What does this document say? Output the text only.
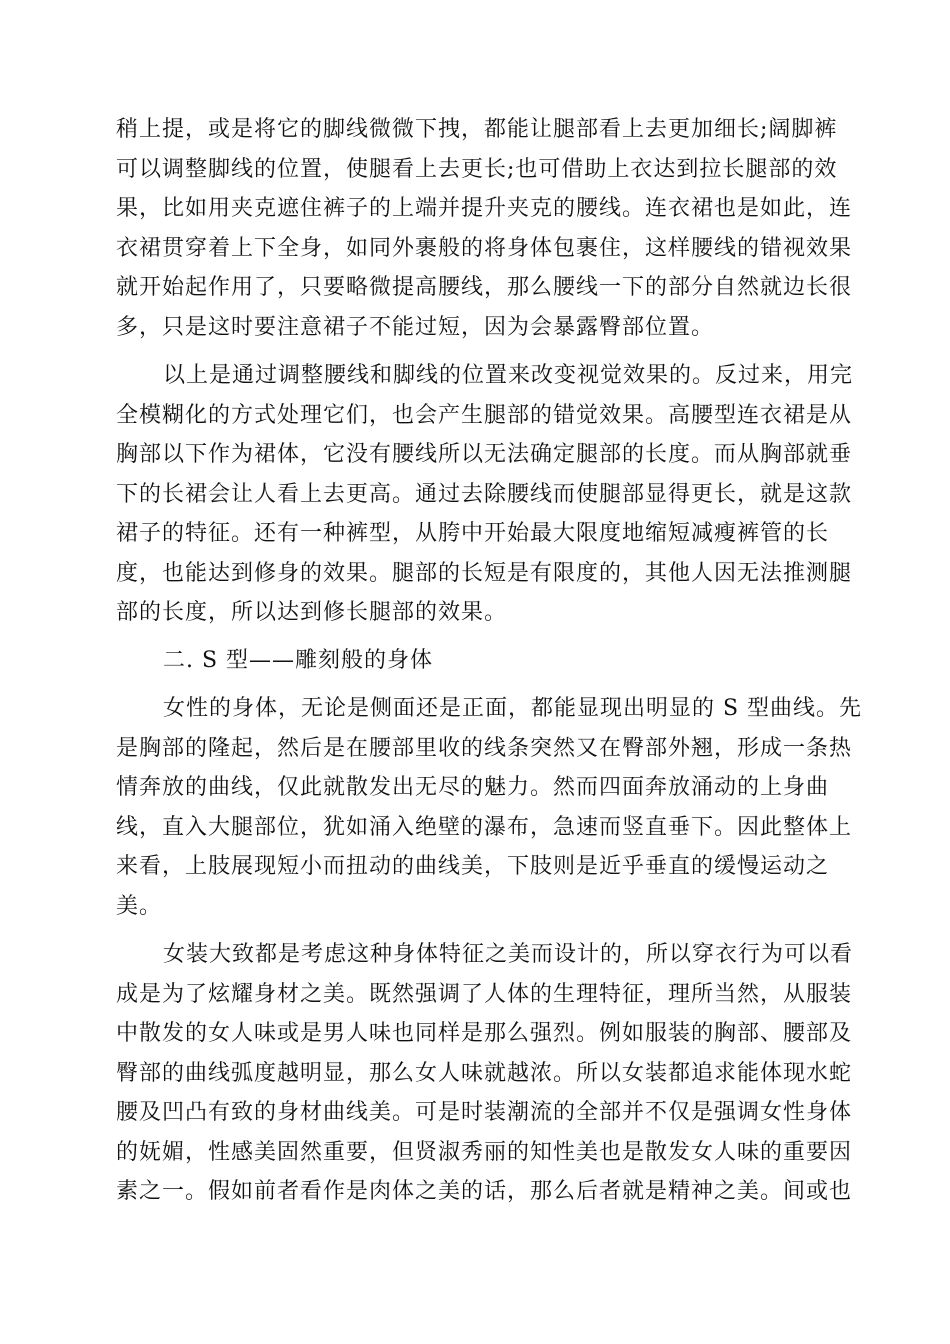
稍上提，或是将它的脚线微微下拽，都能让腿部看上去更加细长;阔脚裤
可以调整脚线的位置，使腿看上去更长;也可借助上衣达到拉长腿部的效
果，比如用夹克遮住裤子的上端并提升夹克的腰线。连衣裙也是如此，连
衣裙贯穿着上下全身，如同外裹般的将身体包裹住，这样腰线的错视效果
就开始起作用了，只要略微提高腰线，那么腰线一下的部分自然就边长很
多，只是这时要注意裙子不能过短，因为会暴露臀部位置。
以上是通过调整腰线和脚线的位置来改变视觉效果的。反过来，用完
全模糊化的方式处理它们，也会产生腿部的错觉效果。高腰型连衣裙是从
胸部以下作为裙体，它没有腰线所以无法确定腿部的长度。而从胸部就垂
下的长裙会让人看上去更高。通过去除腰线而使腿部显得更长，就是这款
裙子的特征。还有一种裤型，从胯中开始最大限度地缩短减瘦裤管的长
度，也能达到修身的效果。腿部的长短是有限度的，其他人因无法推测腿
部的长度，所以达到修长腿部的效果。
二. S 型——雕刻般的身体
女性的身体，无论是侧面还是正面，都能显现出明显的 S 型曲线。先
是胸部的隆起，然后是在腰部里收的线条突然又在臀部外翘，形成一条热
情奔放的曲线，仅此就散发出无尽的魅力。然而四面奔放涌动的上身曲
线，直入大腿部位，犹如涌入绝壁的瀑布，急速而竖直垂下。因此整体上
来看，上肢展现短小而扭动的曲线美，下肢则是近乎垂直的缓慢运动之
美。
女装大致都是考虑这种身体特征之美而设计的，所以穿衣行为可以看
成是为了炫耀身材之美。既然强调了人体的生理特征，理所当然，从服装
中散发的女人味或是男人味也同样是那么强烈。例如服装的胸部、腰部及
臀部的曲线弧度越明显，那么女人味就越浓。所以女装都追求能体现水蛇
腰及凹凸有致的身材曲线美。可是时装潮流的全部并不仅是强调女性身体
的妩媚，性感美固然重要，但贤淑秀丽的知性美也是散发女人味的重要因
素之一。假如前者看作是肉体之美的话，那么后者就是精神之美。间或也
